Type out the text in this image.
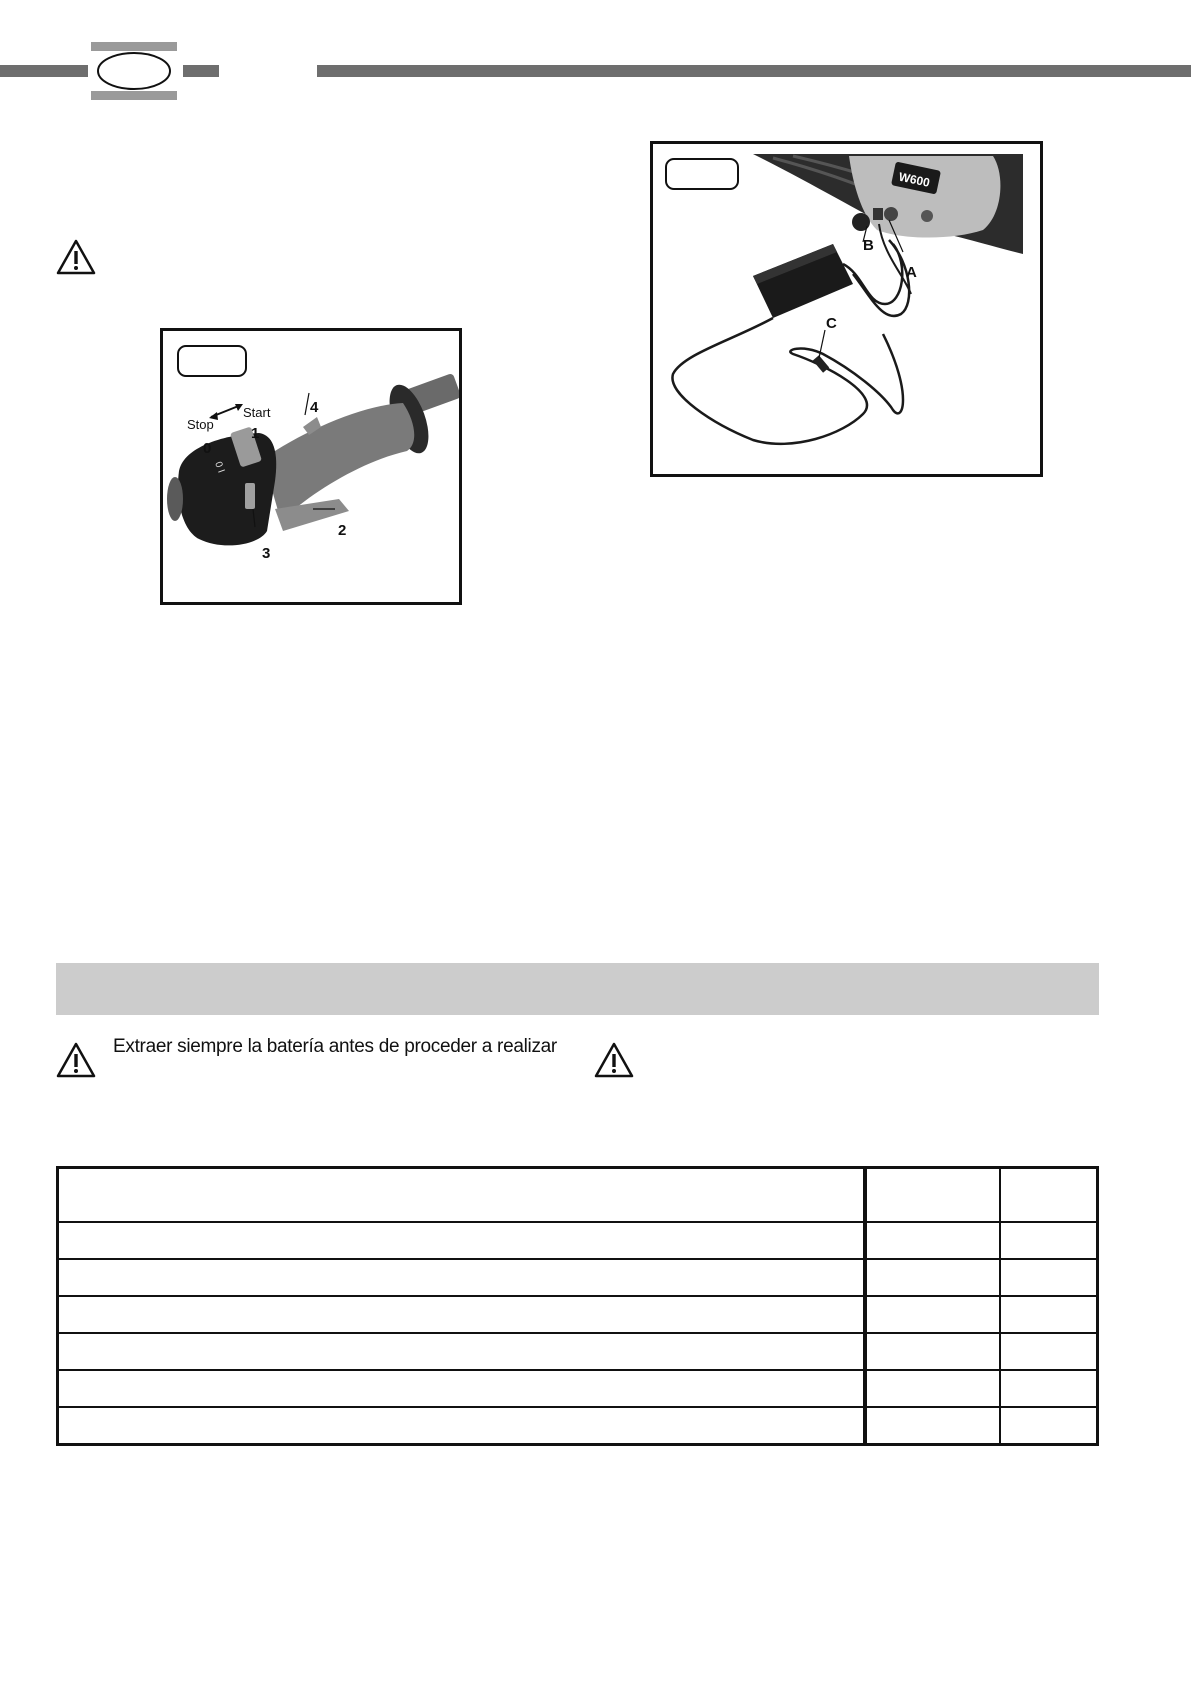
0 I
Stop
Start
0
1
4
2
3
W600
B
A
C
Extraer siempre la batería antes de proceder a realizar
